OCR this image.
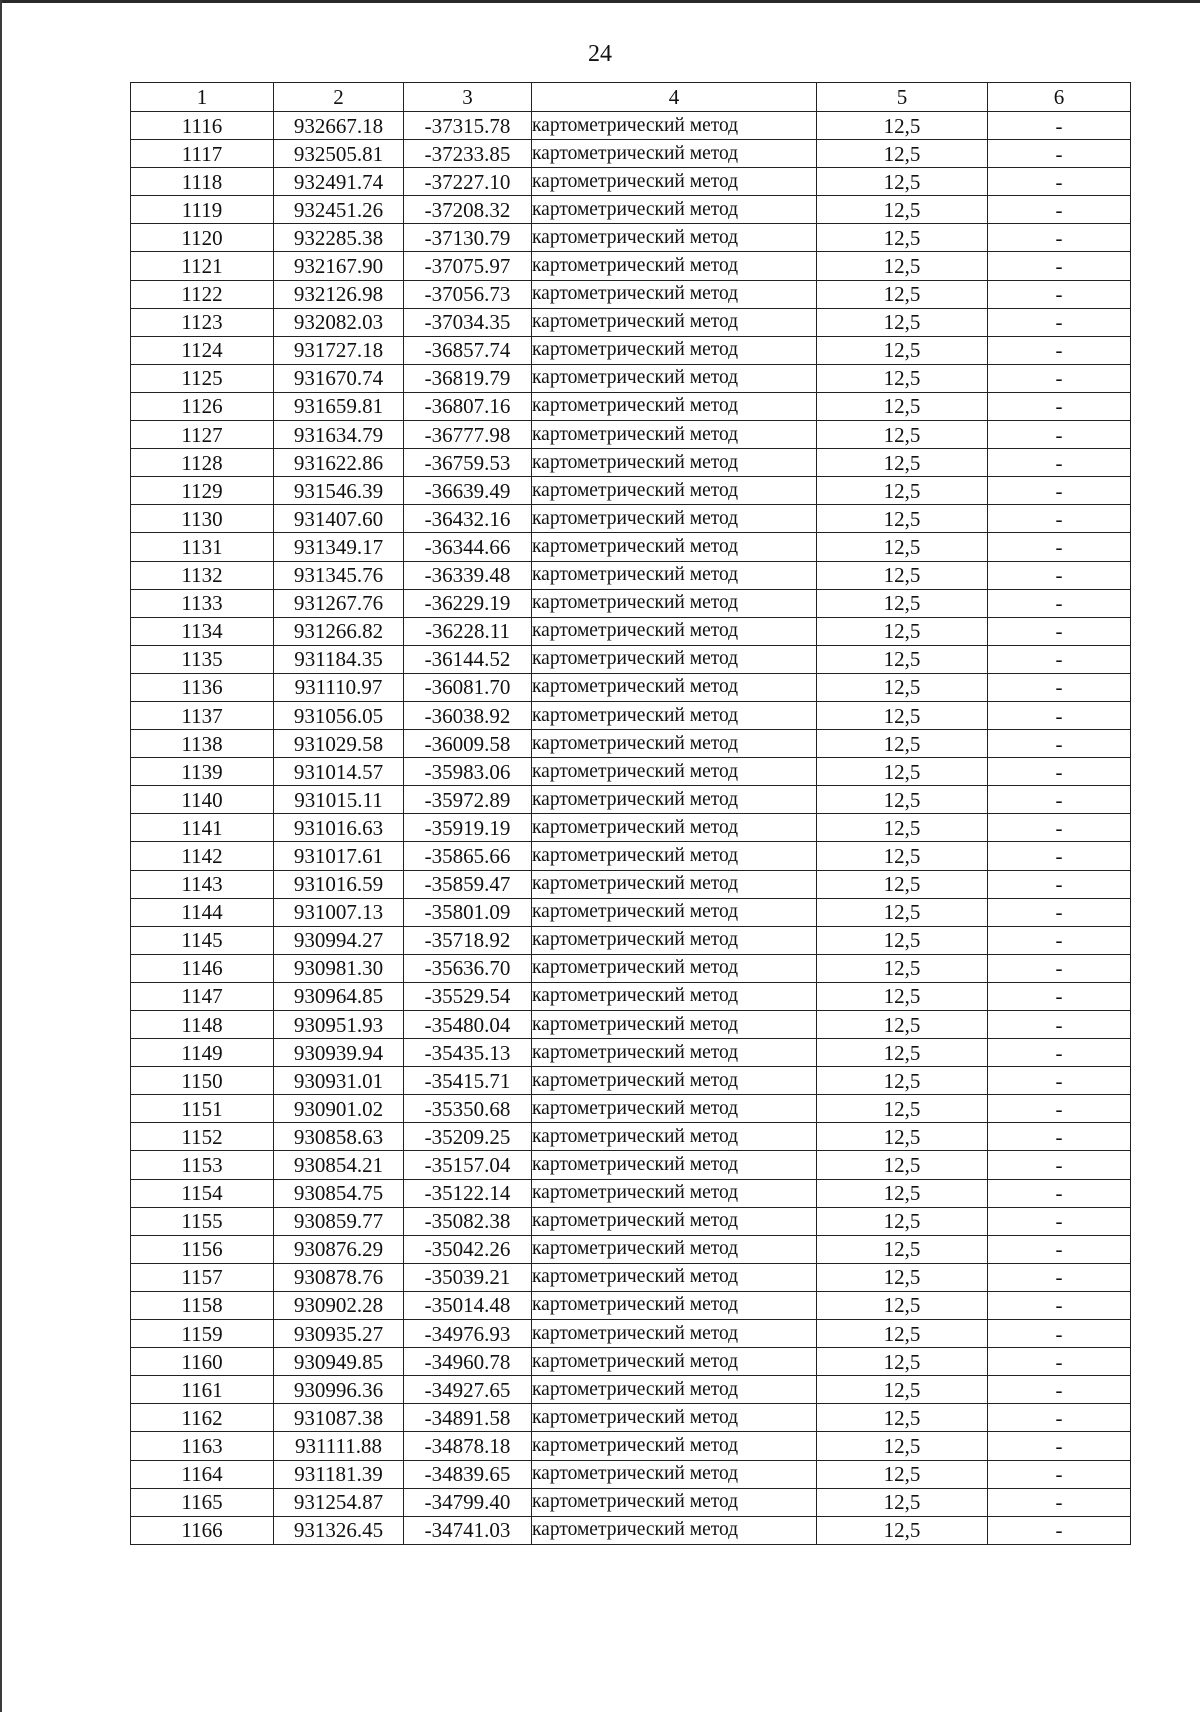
24
1	2	3	4	5	6
1116	932667.18	-37315.78	картометрический метод	12,5	-
1117	932505.81	-37233.85	картометрический метод	12,5	-
1118	932491.74	-37227.10	картометрический метод	12,5	-
1119	932451.26	-37208.32	картометрический метод	12,5	-
1120	932285.38	-37130.79	картометрический метод	12,5	-
1121	932167.90	-37075.97	картометрический метод	12,5	-
1122	932126.98	-37056.73	картометрический метод	12,5	-
1123	932082.03	-37034.35	картометрический метод	12,5	-
1124	931727.18	-36857.74	картометрический метод	12,5	-
1125	931670.74	-36819.79	картометрический метод	12,5	-
1126	931659.81	-36807.16	картометрический метод	12,5	-
1127	931634.79	-36777.98	картометрический метод	12,5	-
1128	931622.86	-36759.53	картометрический метод	12,5	-
1129	931546.39	-36639.49	картометрический метод	12,5	-
1130	931407.60	-36432.16	картометрический метод	12,5	-
1131	931349.17	-36344.66	картометрический метод	12,5	-
1132	931345.76	-36339.48	картометрический метод	12,5	-
1133	931267.76	-36229.19	картометрический метод	12,5	-
1134	931266.82	-36228.11	картометрический метод	12,5	-
1135	931184.35	-36144.52	картометрический метод	12,5	-
1136	931110.97	-36081.70	картометрический метод	12,5	-
1137	931056.05	-36038.92	картометрический метод	12,5	-
1138	931029.58	-36009.58	картометрический метод	12,5	-
1139	931014.57	-35983.06	картометрический метод	12,5	-
1140	931015.11	-35972.89	картометрический метод	12,5	-
1141	931016.63	-35919.19	картометрический метод	12,5	-
1142	931017.61	-35865.66	картометрический метод	12,5	-
1143	931016.59	-35859.47	картометрический метод	12,5	-
1144	931007.13	-35801.09	картометрический метод	12,5	-
1145	930994.27	-35718.92	картометрический метод	12,5	-
1146	930981.30	-35636.70	картометрический метод	12,5	-
1147	930964.85	-35529.54	картометрический метод	12,5	-
1148	930951.93	-35480.04	картометрический метод	12,5	-
1149	930939.94	-35435.13	картометрический метод	12,5	-
1150	930931.01	-35415.71	картометрический метод	12,5	-
1151	930901.02	-35350.68	картометрический метод	12,5	-
1152	930858.63	-35209.25	картометрический метод	12,5	-
1153	930854.21	-35157.04	картометрический метод	12,5	-
1154	930854.75	-35122.14	картометрический метод	12,5	-
1155	930859.77	-35082.38	картометрический метод	12,5	-
1156	930876.29	-35042.26	картометрический метод	12,5	-
1157	930878.76	-35039.21	картометрический метод	12,5	-
1158	930902.28	-35014.48	картометрический метод	12,5	-
1159	930935.27	-34976.93	картометрический метод	12,5	-
1160	930949.85	-34960.78	картометрический метод	12,5	-
1161	930996.36	-34927.65	картометрический метод	12,5	-
1162	931087.38	-34891.58	картометрический метод	12,5	-
1163	931111.88	-34878.18	картометрический метод	12,5	-
1164	931181.39	-34839.65	картометрический метод	12,5	-
1165	931254.87	-34799.40	картометрический метод	12,5	-
1166	931326.45	-34741.03	картометрический метод	12,5	-
